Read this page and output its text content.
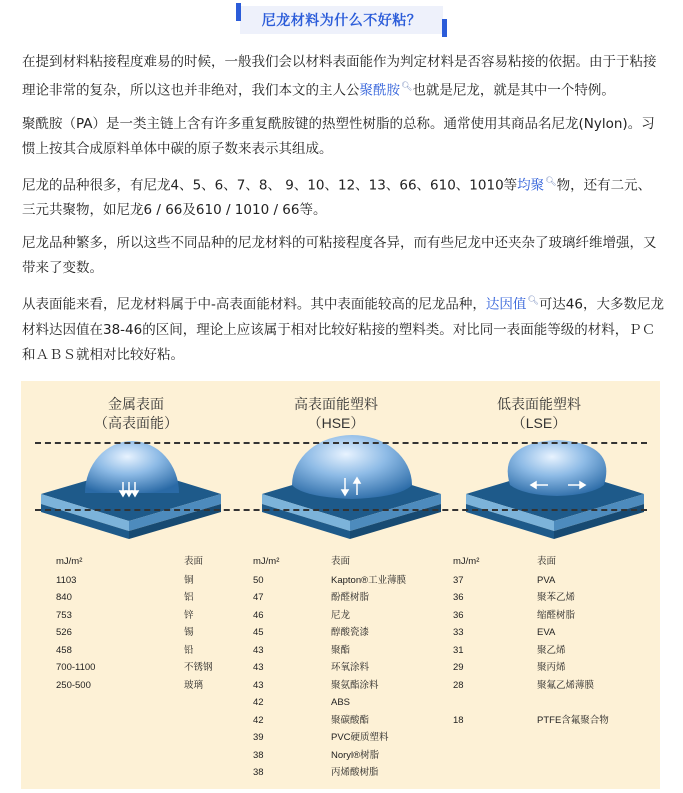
尼龙材料为什么不好粘？

在提到材料粘接程度难易的时候，一般我们会以材料表面能作为判定材料是否容易粘接的依据。由于于粘接理论非常的复杂，所以这也并非绝对，我们本文的主人公聚酰胺🔍︎也就是尼龙，就是其中一个特例。

聚酰胺（PA）是一类主链上含有许多重复酰胺键的热塑性树脂的总称。通常使用其商品名尼龙(Nylon)。习惯上按其合成原料单体中碳的原子数来表示其组成。

尼龙的品种很多，有尼龙4、5、6、7、8、 9、10、12、13、66、610、1010等均聚🔍︎物，还有二元、三元共聚物，如尼龙6 / 66及610 / 1010 / 66等。

尼龙品种繁多，所以这些不同品种的尼龙材料的可粘接程度各异，而有些尼龙中还夹杂了玻璃纤维增强，又带来了变数。

从表面能来看，尼龙材料属于中-高表面能材料。其中表面能较高的尼龙品种，达因值🔍︎可达46，大多数尼龙材料达因值在38-46的区间，理论上应该属于相对比较好粘接的塑料类。对比同一表面能等级的材料，ＰＣ和ＡＢＳ就相对比较好粘。

金属表面
（高表面能）
高表面能塑料
（HSE）
低表面能塑料
（LSE）
mJ/m²	表面
1103	铜
840	铝
753	锌
526	锡
458	铅
700-1100	不锈钢
250-500	玻璃
mJ/m²	表面
50	Kapton®工业薄膜
47	酚醛树脂
46	尼龙
45	醇酸瓷漆
43	聚酯
43	环氧涂料
43	聚氨酯涂料
42	ABS
42	聚碳酸酯
39	PVC硬质塑料
38	Noryl®树脂
38	丙烯酸树脂
mJ/m²	表面
37	PVA
36	聚苯乙烯
36	缩醛树脂
33	EVA
31	聚乙烯
29	聚丙烯
28	聚氟乙烯薄膜
18	PTFE含氟聚合物
